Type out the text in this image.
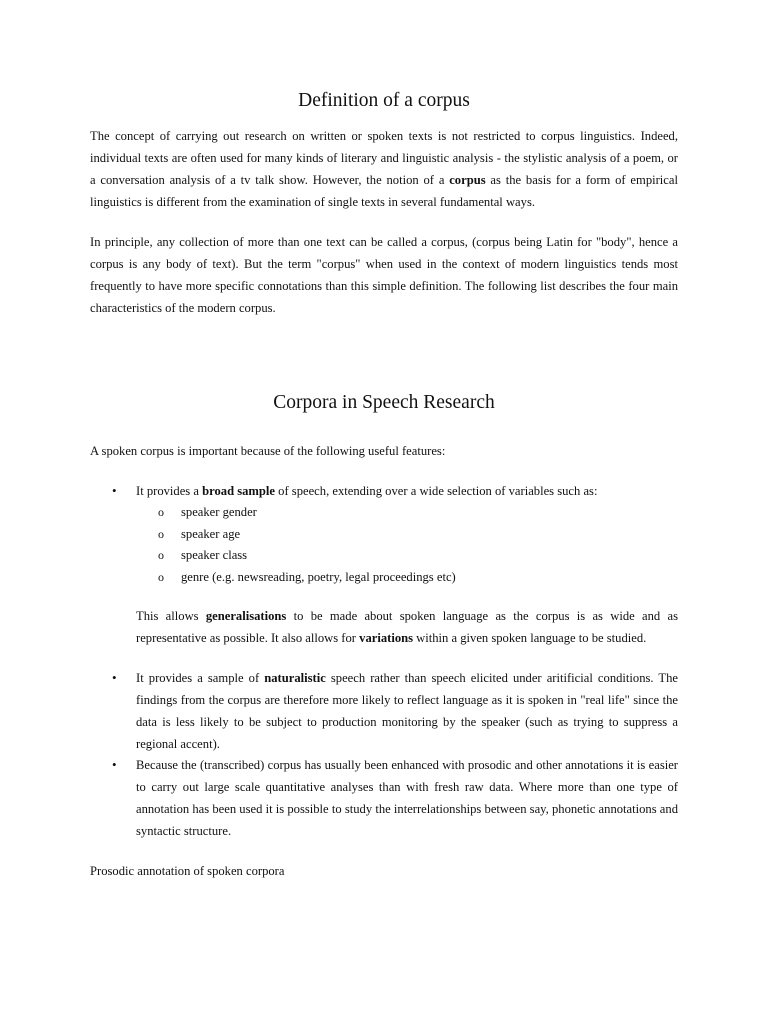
Definition of a corpus

The concept of carrying out research on written or spoken texts is not restricted to corpus linguistics. Indeed, individual texts are often used for many kinds of literary and linguistic analysis - the stylistic analysis of a poem, or a conversation analysis of a tv talk show. However, the notion of a corpus as the basis for a form of empirical linguistics is different from the examination of single texts in several fundamental ways.

In principle, any collection of more than one text can be called a corpus, (corpus being Latin for "body", hence a corpus is any body of text). But the term "corpus" when used in the context of modern linguistics tends most frequently to have more specific connotations than this simple definition. The following list describes the four main characteristics of the modern corpus.

Corpora in Speech Research

A spoken corpus is important because of the following useful features:

• It provides a broad sample of speech, extending over a wide selection of variables such as:

o speaker gender
o speaker age
o speaker class
o genre (e.g. newsreading, poetry, legal proceedings etc)

This allows generalisations to be made about spoken language as the corpus is as wide and as representative as possible. It also allows for variations within a given spoken language to be studied.

• It provides a sample of naturalistic speech rather than speech elicited under aritificial conditions. The findings from the corpus are therefore more likely to reflect language as it is spoken in "real life" since the data is less likely to be subject to production monitoring by the speaker (such as trying to suppress a regional accent).

• Because the (transcribed) corpus has usually been enhanced with prosodic and other annotations it is easier to carry out large scale quantitative analyses than with fresh raw data. Where more than one type of annotation has been used it is possible to study the interrelationships between say, phonetic annotations and syntactic structure.

Prosodic annotation of spoken corpora
